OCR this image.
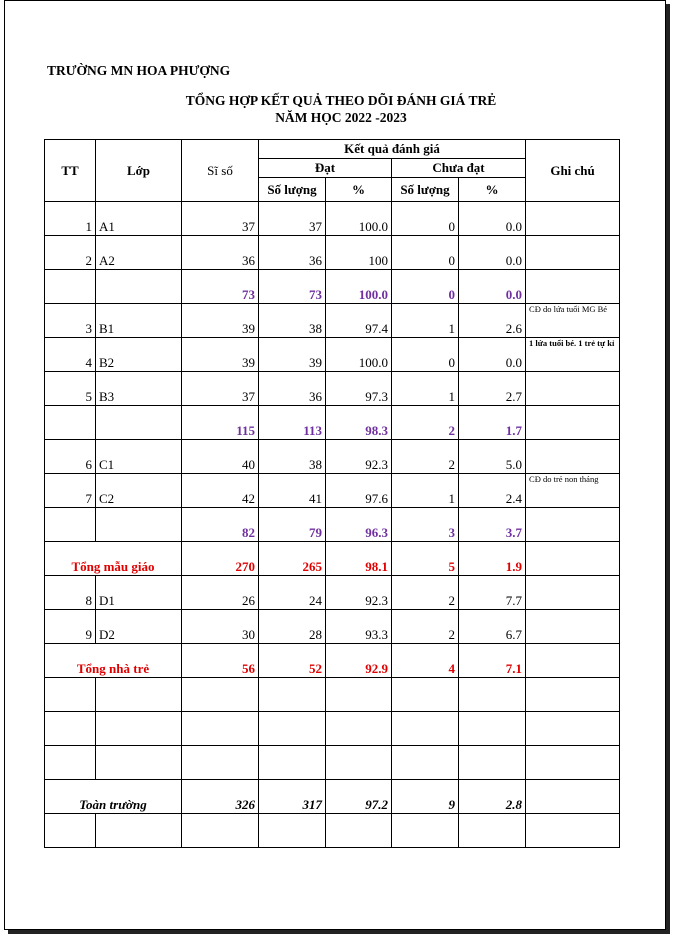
TRƯỜNG MN HOA PHƯỢNG
TỔNG HỢP KẾT QUẢ THEO DÕI ĐÁNH GIÁ TRẺ
NĂM HỌC 2022 -2023
TT	Lớp	Sĩ số	Kết quả đánh giá				Ghi chú
			Đạt		Chưa đạt		
			Số lượng	%	Số lượng	%	
1	A1	37	37	100.0	0	0.0	
2	A2	36	36	100	0	0.0	
		73	73	100.0	0	0.0	
3	B1	39	38	97.4	1	2.6	CĐ do lứa tuổi MG Bé
4	B2	39	39	100.0	0	0.0	1 lứa tuổi bé. 1 trẻ tự kỉ
5	B3	37	36	97.3	1	2.7	
		115	113	98.3	2	1.7	
6	C1	40	38	92.3	2	5.0	
7	C2	42	41	97.6	1	2.4	CĐ do trẻ non tháng
		82	79	96.3	3	3.7	
Tổng mẫu giáo		270	265	98.1	5	1.9	
8	D1	26	24	92.3	2	7.7	
9	D2	30	28	93.3	2	6.7	
Tổng nhà trẻ		56	52	92.9	4	7.1	

Toàn trường		326	317	97.2	9	2.8	
